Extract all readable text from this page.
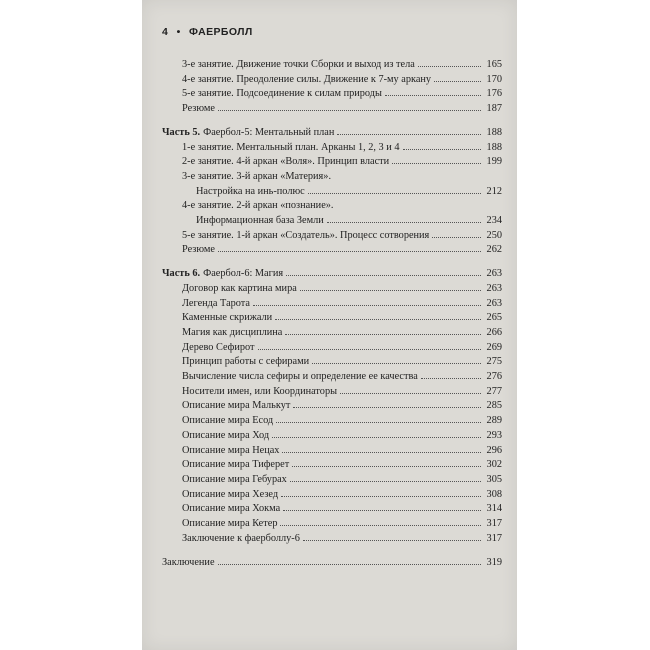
4 • ФАЕРБОЛЛ
3-е занятие. Движение точки Сборки и выход из тела	165
4-е занятие. Преодоление силы. Движение к 7-му аркану	170
5-е занятие. Подсоединение к силам природы	176
Резюме	187
Часть 5. Фаербол-5: Ментальный план	188
1-е занятие. Ментальный план. Арканы 1, 2, 3 и 4	188
2-е занятие. 4-й аркан «Воля». Принцип власти	199
3-е занятие. 3-й аркан «Материя».
Настройка на инь-полюс	212
4-е занятие. 2-й аркан «познание».
Информационная база Земли	234
5-е занятие. 1-й аркан «Создатель». Процесс сотворения	250
Резюме	262
Часть 6. Фаербол-6: Магия	263
Договор как картина мира	263
Легенда Тарота	263
Каменные скрижали	265
Магия как дисциплина	266
Дерево Сефирот	269
Принцип работы с сефирами	275
Вычисление числа сефиры и определение ее качества	276
Носители имен, или Координаторы	277
Описание мира Малькут	285
Описание мира Есод	289
Описание мира Ход	293
Описание мира Нецах	296
Описание мира Тиферет	302
Описание мира Гебурах	305
Описание мира Хезед	308
Описание мира Хокма	314
Описание мира Кетер	317
Заключение к фаерболлу-6	317
Заключение	319
